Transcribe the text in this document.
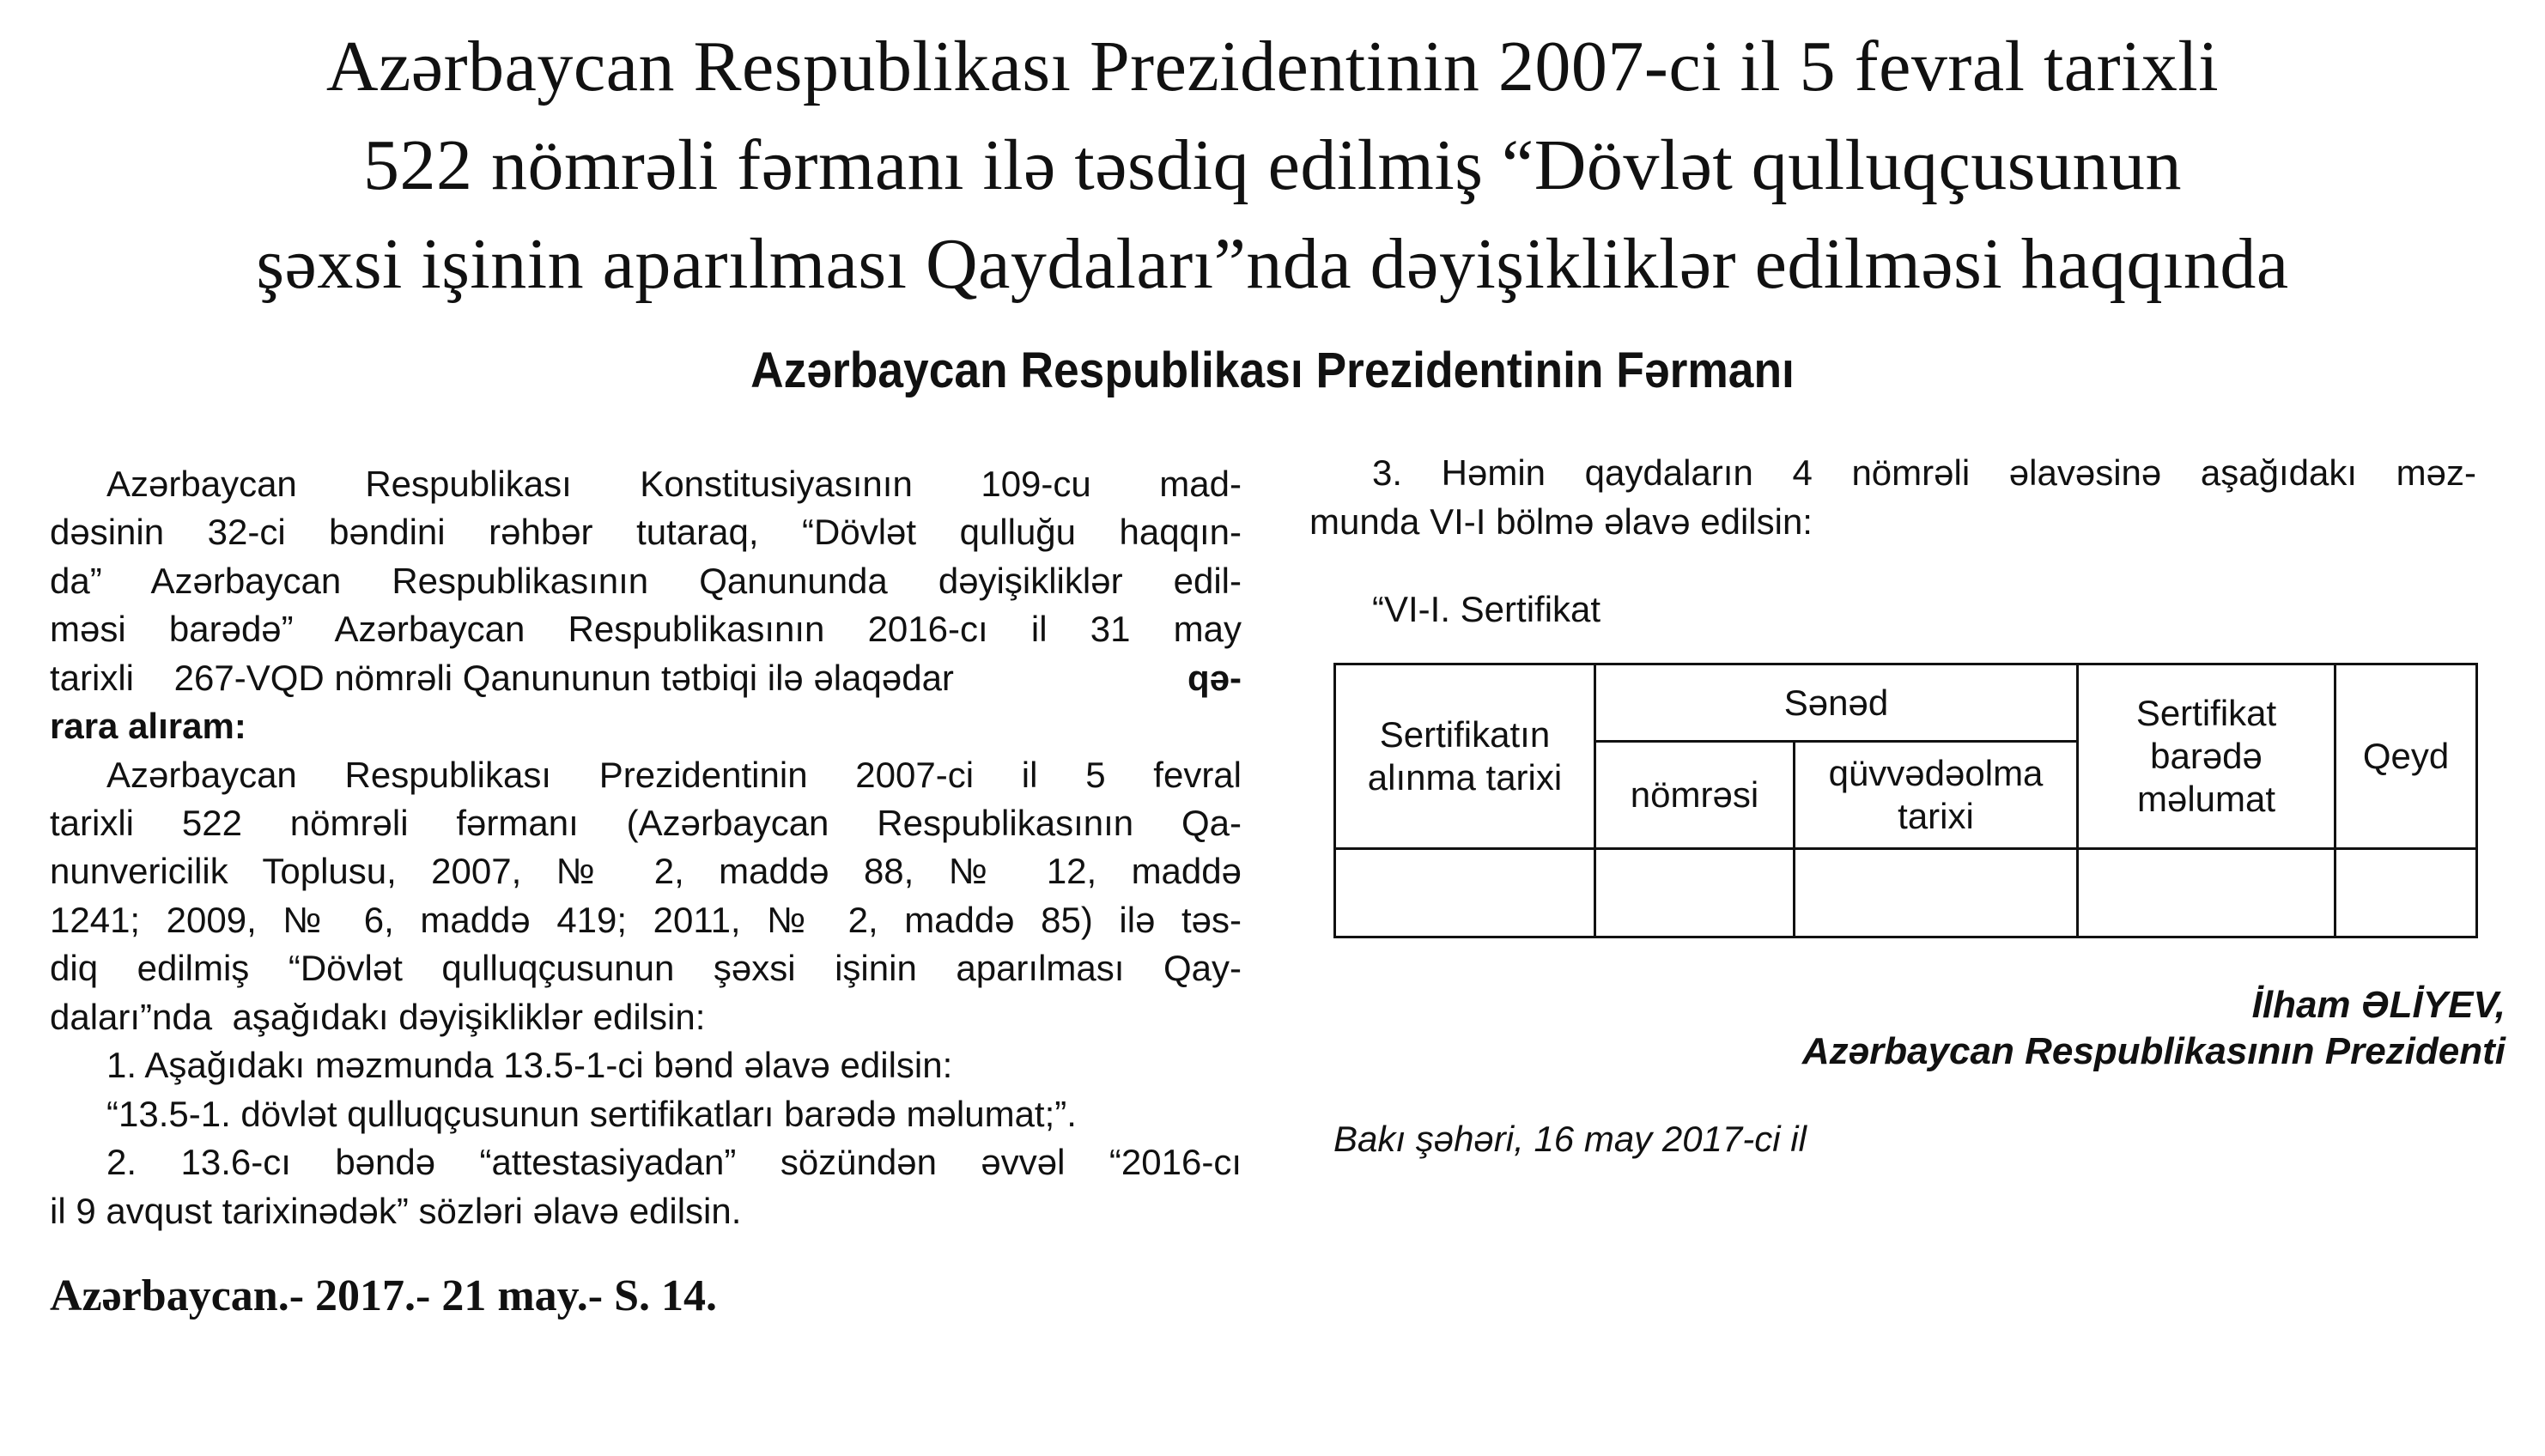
Azərbaycan Respublikası Prezidentinin 2007-ci il 5 fevral tarixli
522 nömrəli fərmanı ilə təsdiq edilmiş “Dövlət qulluqçusunun
şəxsi işinin aparılması Qaydaları”nda dəyişikliklər edilməsi haqqında
Azərbaycan Respublikası Prezidentinin Fərmanı
Azərbaycan Respublikası Konstitusiyasının 109-cu mad-
dəsinin 32-ci bəndini rəhbər tutaraq, “Dövlət qulluğu haqqın-
da” Azərbaycan Respublikasının Qanununda dəyişikliklər edil-
məsi barədə” Azərbaycan Respublikasının 2016-cı il 31 may
tarixli    267-VQD nömrəli Qanununun tətbiqi ilə əlaqədar	qə-
rara alıram:
Azərbaycan Respublikası Prezidentinin 2007-ci il 5 fevral
tarixli 522 nömrəli fərmanı (Azərbaycan Respublikasının Qa-
nunvericilik Toplusu, 2007, № 2, maddə 88, № 12, maddə
1241; 2009, № 6, maddə 419; 2011, № 2, maddə 85) ilə təs-
diq edilmiş “Dövlət qulluqçusunun şəxsi işinin aparılması Qay-
daları”nda  aşağıdakı dəyişikliklər edilsin:
1. Aşağıdakı məzmunda 13.5-1-ci bənd əlavə edilsin:
“13.5-1. dövlət qulluqçusunun sertifikatları barədə məlumat;”.
2. 13.6-cı bəndə “attestasiyadan” sözündən əvvəl “2016-cı
il 9 avqust tarixinədək” sözləri əlavə edilsin.
3. Həmin qaydaların 4 nömrəli əlavəsinə aşağıdakı məz-
munda VI-I bölmə əlavə edilsin:
“VI-I. Sertifikat
Sertifikatın alınma tarixi	Sənəd		Sertifikat barədə məlumat	Qeyd
	nömrəsi	qüvvədəolma tarixi		

İlham ƏLİYEV,
Azərbaycan Respublikasının Prezidenti
Bakı şəhəri, 16 may 2017-ci il
Azərbaycan.- 2017.- 21 may.- S. 14.
